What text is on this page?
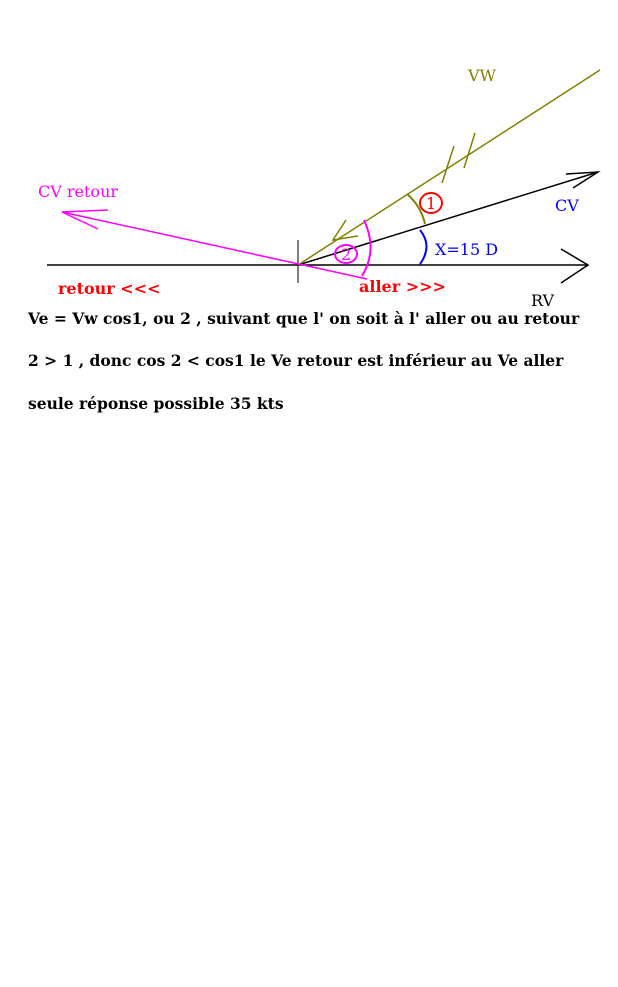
VW
CV retour
CV
1
2	X=15 D
retour <<<	aller >>>
RV
Ve = Vw cos1, ou 2 , suivant que l' on soit à l' aller ou au retour
2 > 1 , donc cos 2 < cos1 le Ve retour est inférieur au Ve aller
seule réponse possible 35 kts
